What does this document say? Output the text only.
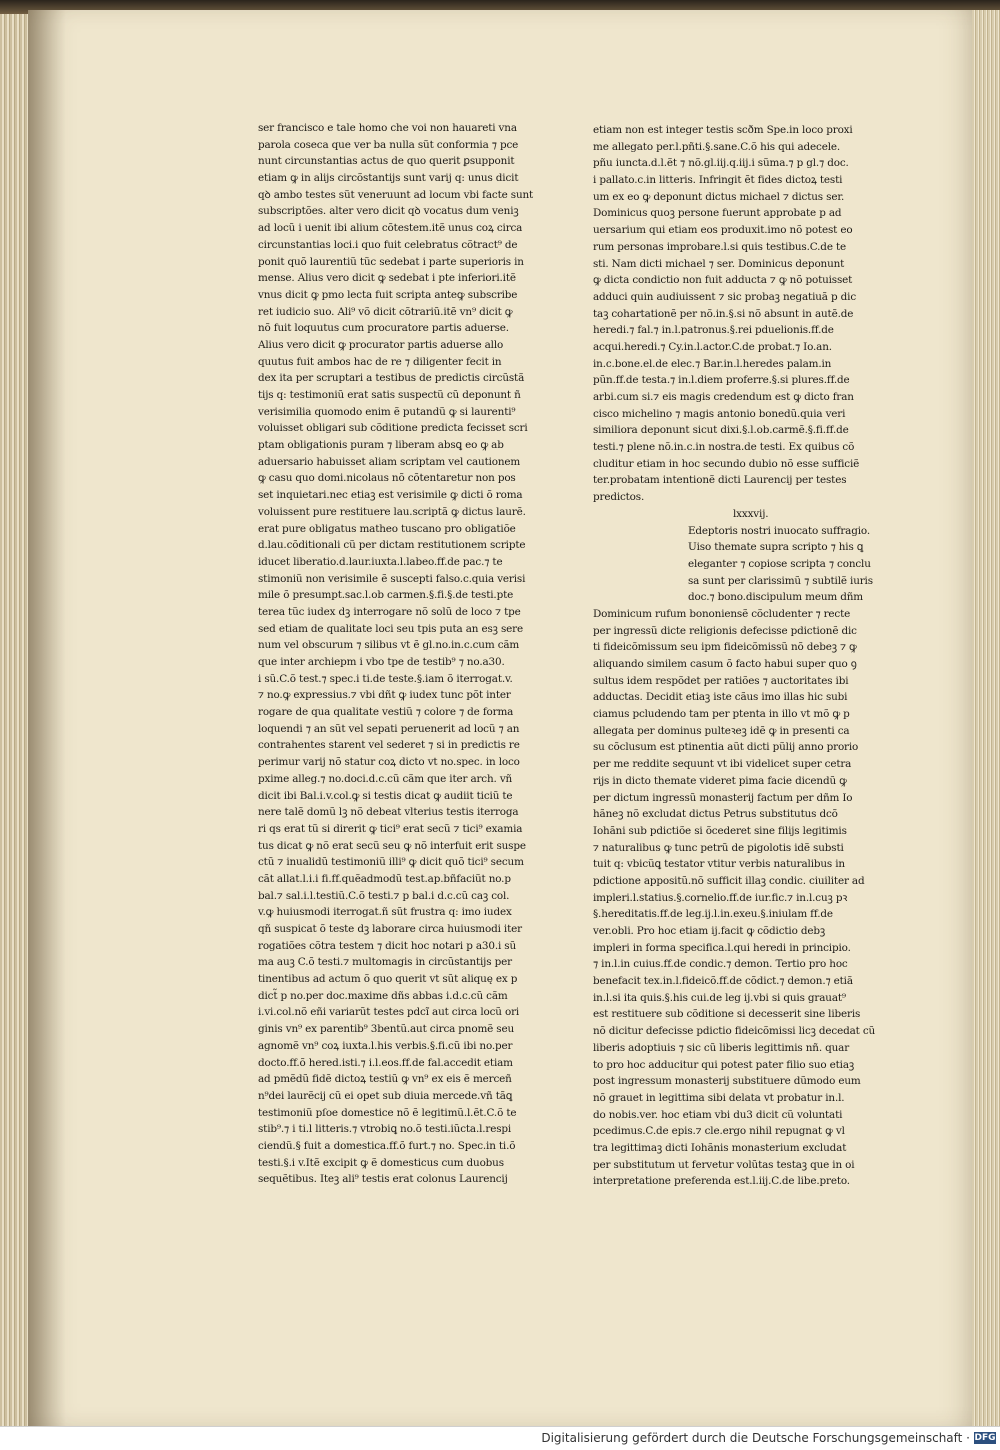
ser francisco e tale homo che voi non hauareti vna
parola coseca que ver ba nulla sũt conformia ⁊ pce
nunt circunstantias actus de quo querit ꝑsupponit
etiam ꝙ in alijs circõstantijs sunt varij q: unus dicit
qꝺ ambo testes sũt veneruunt ad locum vbi facte sunt
subscriptões. alter vero dicit qꝺ vocatus dum veniꝫ
ad locũ i uenit ibi alium cõtestem.itẽ unus coꝝ circa
circunstantias loci.i quo fuit celebratus cõtract⁹ de
ponit quõ laurentiũ tũc sedebat i parte superioris in
mense. Alius vero dicit ꝙ sedebat i pte inferiori.itẽ
vnus dicit ꝙ pmo lecta fuit scripta anteꝙ subscribe
ret iudicio suo. Ali⁹ võ dicit cõtrariũ.itẽ vn⁹ dicit ꝙ
nõ fuit loquutus cum procuratore partis aduerse.
Alius vero dicit ꝙ procurator partis aduerse allo
quutus fuit ambos hac de re ⁊ diligenter fecit in
dex ita per scruptari a testibus de predictis circũstã
tijs q: testimoniũ erat satis suspectũ cũ deponunt ñ
verisimilia quomodo enim ẽ putandũ ꝙ si laurenti⁹
voluisset obligari sub cõditione predicta fecisset scri
ptam obligationis puram ⁊ liberam absꝗ eo ꝙ ab
aduersario habuisset aliam scriptam vel cautionem
ꝙ casu quo domi.nicolaus nõ cõtentaretur non pos
set inquietari.nec etiaꝫ est verisimile ꝙ dicti õ roma
voluissent pure restituere lau.scriptã ꝙ dictus laurẽ.
erat pure obligatus matheo tuscano pro obligatiõe
d.lau.cõditionali cũ per dictam restitutionem scripte
iducet liberatio.d.laur.iuxta.l.labeo.ff.de pac.⁊ te
stimoniũ non verisimile ẽ suscepti falso.c.quia verisi
mile õ presumpt.sac.l.ob carmen.§.fi.§.de testi.pte
terea tũc iudex dꝫ interrogare nõ solũ de loco ⁊ tpe
sed etiam de qualitate loci seu tpis puta an esꝫ sere
num vel obscurum ⁊ silibus vt ẽ gl.no.in.c.cum cãm
que inter archiepm i vbo tpe de testib⁹ ⁊ no.a30.
i sũ.C.õ test.⁊ spec.i ti.de teste.§.iam õ iterrogat.v.
⁊ no.ꝙ expressius.⁊ vbi dñt ꝙ iudex tunc põt inter
rogare de qua qualitate vestiũ ⁊ colore ⁊ de forma
loquendi ⁊ an sũt vel sepati peruenerit ad locũ ⁊ an
contrahentes starent vel sederet ⁊ si in predictis re
perimur varij nõ statur coꝝ dicto vt no.spec. in loco
pxime alleg.⁊ no.doci.d.c.cũ cãm que iter arch. vñ
dicit ibi Bal.i.v.col.ꝙ si testis dicat ꝙ audiit ticiũ te
nere talẽ domũ lꝫ nõ debeat vlterius testis iterroga
ri qs erat tũ si direrit ꝙ tici⁹ erat secũ ⁊ tici⁹ examia
tus dicat ꝙ nõ erat secũ seu ꝙ nõ interfuit erit suspe
ctũ ⁊ inualidũ testimoniũ illi⁹ ꝙ dicit quõ tici⁹ secum
cãt allat.l.i.i fi.ff.quẽadmodũ test.ap.bñfaciũt no.p
bal.⁊ sal.i.l.testiũ.C.õ testi.⁊ p bal.i d.c.cũ caꝫ col.
v.ꝙ huiusmodi iterrogat.ñ sũt frustra q: imo iudex
qñ suspicat õ teste dꝫ laborare circa huiusmodi iter
rogatiões cõtra testem ⁊ dicit hoc notari p a30.i sũ
ma auꝫ C.õ testi.⁊ multomagis in circũstantijs per
tinentibus ad actum õ quo querit vt sũt aliquę ex p
dict̃ p no.per doc.maxime dñs abbas i.d.c.cũ cãm
i.vi.col.nõ eñi variarũt testes pdcĩ aut circa locũ ori
ginis vn⁹ ex parentib⁹ 3bentũ.aut circa pnomẽ seu
agnomẽ vn⁹ coꝝ iuxta.l.his verbis.§.fi.cũ ibi no.per
docto.ff.õ hered.isti.⁊ i.l.eos.ff.de fal.accedit etiam
ad pmẽdũ fidẽ dictoꝝ testiũ ꝙ vn⁹ ex eis ẽ merceñ
n⁹dei laurẽcij cũ ei opet sub diuia mercede.vñ tãꝗ
testimoniũ pſoe domestice nõ ẽ legitimũ.l.ẽt.C.õ te
stib⁹.⁊ i ti.l litteris.⁊ vtrobiꝗ no.õ testi.iũcta.l.respi
ciendũ.§ fuit a domestica.ff.õ furt.⁊ no. Spec.in ti.õ
testi.§.i v.Itẽ excipit ꝙ ẽ domesticus cum duobus
sequẽtibus. Iteꝫ ali⁹ testis erat colonus Laurencij
etiam non est integer testis scðm Spe.in loco proxi
me allegato per.l.pñti.§.sane.C.õ his qui adecele.
pñu iuncta.d.l.ẽt ⁊ nõ.gl.iij.q.iij.i sũma.⁊ p gl.⁊ doc.
i pallato.c.in litteris. Infringit ẽt fides dictoꝝ testi
um ex eo ꝙ deponunt dictus michael ⁊ dictus ser.
Dominicus quoꝫ persone fuerunt approbate p ad
uersarium qui etiam eos produxit.imo nõ potest eo
rum personas improbare.l.si quis testibus.C.de te
sti. Nam dicti michael ⁊ ser. Dominicus deponunt
ꝙ dicta condictio non fuit adducta ⁊ ꝙ nõ potuisset
adduci quin audiuissent ⁊ sic probaꝫ negatiuã p dic
taꝫ cohartationẽ per nõ.in.§.si nõ absunt in autẽ.de
heredi.⁊ fal.⁊ in.l.patronus.§.rei pduelionis.ff.de
acqui.heredi.⁊ Cy.in.l.actor.C.de probat.⁊ Io.an.
in.c.bone.el.de elec.⁊ Bar.in.l.heredes palam.in
pũn.ff.de testa.⁊ in.l.diem proferre.§.si plures.ff.de
arbi.cum si.⁊ eis magis credendum est ꝙ dicto fran
cisco michelino ⁊ magis antonio bonedũ.quia veri
similiora deponunt sicut dixi.§.l.ob.carmẽ.§.fi.ff.de
testi.⁊ plene nõ.in.c.in nostra.de testi. Ex quibus cõ
cluditur etiam in hoc secundo dubio nõ esse sufficiẽ
ter.probatam intentionẽ dicti Laurencij per testes
predictos.
lxxxvij.
Edeptoris nostri inuocato suffragio.
Uiso themate supra scripto ⁊ his ꝗ
eleganter ⁊ copiose scripta ⁊ conclu
sa sunt per clarissimũ ⁊ subtilẽ iuris
doc.⁊ bono.discipulum meum dñm
Dominicum rufum bononiensẽ cõcludenter ⁊ recte
per ingressũ dicte religionis defecisse pdictionẽ dic
ti fideicõmissum seu ipm fideicõmissũ nõ debeꝫ ⁊ ꝙ
aliquando similem casum õ facto habui super quo ꝯ
sultus idem respõdet per ratiões ⁊ auctoritates ibi
adductas. Decidit etiaꝫ iste cãus imo illas hic subi
ciamus pcludendo tam per ptenta in illo vt mõ ꝙ p
allegata per dominus pulteꝛeꝫ idẽ ꝙ in presenti ca
su cõclusum est ptinentia aũt dicti pũlij anno prorio
per me reddite sequunt vt ibi videlicet super cetra
rijs in dicto themate videret pima facie dicendũ ꝙ
per dictum ingressũ monasterij factum per dñm Io
hãneꝫ nõ excludat dictus Petrus substitutus dcõ
Iohãni sub pdictiõe si õcederet sine filijs legitimis
⁊ naturalibus ꝙ tunc petrũ de pigolotis idẽ substi
tuit q: vbicũꝗ testator vtitur verbis naturalibus in
pdictione appositũ.nõ sufficit illaꝫ condic. ciuiliter ad
impleri.l.statius.§.cornelio.ff.de iur.fic.⁊ in.l.cuꝫ pꝛ
§.hereditatis.ff.de leg.ij.l.in.exeu.§.iniulam ff.de
ver.obli. Pro hoc etiam ij.facit ꝙ cõdictio debꝫ
impleri in forma specifica.l.qui heredi in principio.
⁊ in.l.in cuius.ff.de condic.⁊ demon. Tertio pro hoc
benefacit tex.in.l.fideicõ.ff.de cõdict.⁊ demon.⁊ etiã
in.l.si ita quis.§.his cui.de leg ij.vbi si quis grauat⁹
est restituere sub cõditione si decesserit sine liberis
nõ dicitur defecisse pdictio fideicõmissi licꝫ decedat cũ
liberis adoptiuis ⁊ sic cũ liberis legittimis nñ. quar
to pro hoc adducitur qui potest pater filio suo etiaꝫ
post ingressum monasterij substituere dũmodo eum
nõ grauet in legittima sibi delata vt probatur in.l.
do nobis.ver. hoc etiam vbi du3 dicit cũ voluntati
pcedimus.C.de epis.⁊ cle.ergo nihil repugnat ꝙ vl
tra legittimaꝫ dicti Iohãnis monasterium excludat
per substitutum ut fervetur volũtas testaꝫ que in oi
interpretatione preferenda est.l.iij.C.de libe.preto.
Digitalisierung gefördert durch die Deutsche Forschungsgemeinschaft · DFG
